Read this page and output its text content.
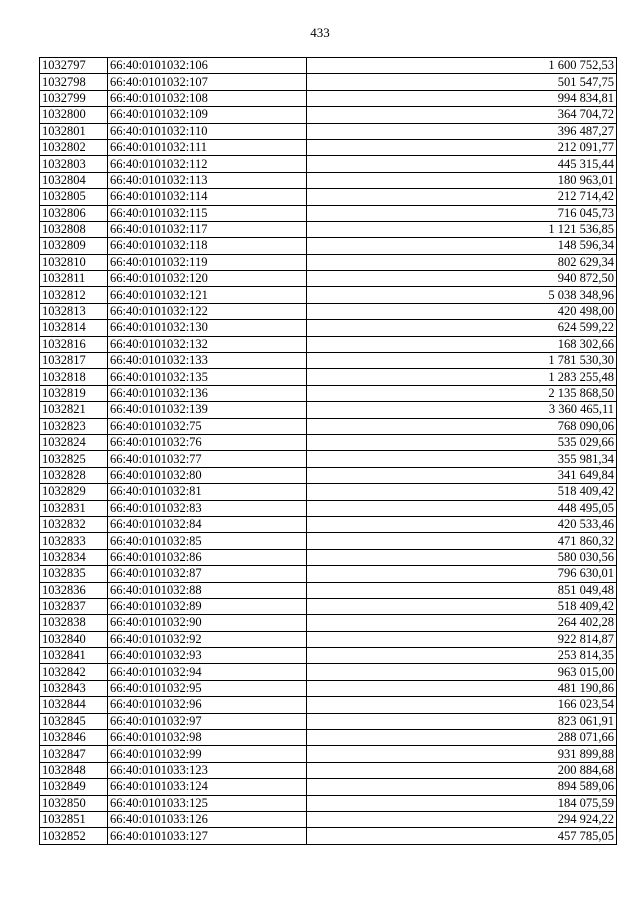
433
1032797	66:40:0101032:106	1 600 752,53
1032798	66:40:0101032:107	501 547,75
1032799	66:40:0101032:108	994 834,81
1032800	66:40:0101032:109	364 704,72
1032801	66:40:0101032:110	396 487,27
1032802	66:40:0101032:111	212 091,77
1032803	66:40:0101032:112	445 315,44
1032804	66:40:0101032:113	180 963,01
1032805	66:40:0101032:114	212 714,42
1032806	66:40:0101032:115	716 045,73
1032808	66:40:0101032:117	1 121 536,85
1032809	66:40:0101032:118	148 596,34
1032810	66:40:0101032:119	802 629,34
1032811	66:40:0101032:120	940 872,50
1032812	66:40:0101032:121	5 038 348,96
1032813	66:40:0101032:122	420 498,00
1032814	66:40:0101032:130	624 599,22
1032816	66:40:0101032:132	168 302,66
1032817	66:40:0101032:133	1 781 530,30
1032818	66:40:0101032:135	1 283 255,48
1032819	66:40:0101032:136	2 135 868,50
1032821	66:40:0101032:139	3 360 465,11
1032823	66:40:0101032:75	768 090,06
1032824	66:40:0101032:76	535 029,66
1032825	66:40:0101032:77	355 981,34
1032828	66:40:0101032:80	341 649,84
1032829	66:40:0101032:81	518 409,42
1032831	66:40:0101032:83	448 495,05
1032832	66:40:0101032:84	420 533,46
1032833	66:40:0101032:85	471 860,32
1032834	66:40:0101032:86	580 030,56
1032835	66:40:0101032:87	796 630,01
1032836	66:40:0101032:88	851 049,48
1032837	66:40:0101032:89	518 409,42
1032838	66:40:0101032:90	264 402,28
1032840	66:40:0101032:92	922 814,87
1032841	66:40:0101032:93	253 814,35
1032842	66:40:0101032:94	963 015,00
1032843	66:40:0101032:95	481 190,86
1032844	66:40:0101032:96	166 023,54
1032845	66:40:0101032:97	823 061,91
1032846	66:40:0101032:98	288 071,66
1032847	66:40:0101032:99	931 899,88
1032848	66:40:0101033:123	200 884,68
1032849	66:40:0101033:124	894 589,06
1032850	66:40:0101033:125	184 075,59
1032851	66:40:0101033:126	294 924,22
1032852	66:40:0101033:127	457 785,05
